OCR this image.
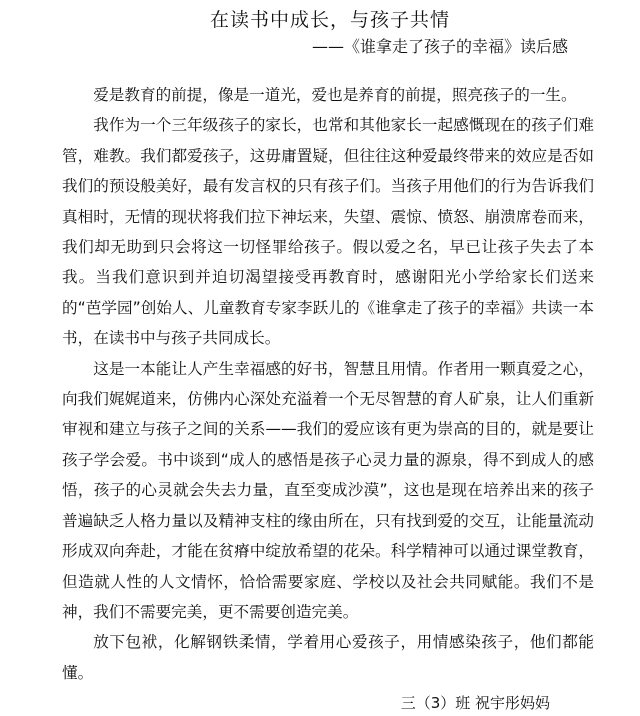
在读书中成长，与孩子共情
——《谁拿走了孩子的幸福》读后感

爱是教育的前提，像是一道光，爱也是养育的前提，照亮孩子的一生。

我作为一个三年级孩子的家长，也常和其他家长一起感慨现在的孩子们难管，难教。我们都爱孩子，这毋庸置疑，但往往这种爱最终带来的效应是否如我们的预设般美好，最有发言权的只有孩子们。当孩子用他们的行为告诉我们真相时，无情的现状将我们拉下神坛来，失望、震惊、愤怒、崩溃席卷而来，我们却无助到只会将这一切怪罪给孩子。假以爱之名，早已让孩子失去了本我。当我们意识到并迫切渴望接受再教育时，感谢阳光小学给家长们送来的“芭学园”创始人、儿童教育专家李跃儿的《谁拿走了孩子的幸福》共读一本书，在读书中与孩子共同成长。

这是一本能让人产生幸福感的好书，智慧且用情。作者用一颗真爱之心，向我们娓娓道来，仿佛内心深处充溢着一个无尽智慧的育人矿泉，让人们重新审视和建立与孩子之间的关系——我们的爱应该有更为崇高的目的，就是要让孩子学会爱。书中谈到“成人的感悟是孩子心灵力量的源泉，得不到成人的感悟，孩子的心灵就会失去力量，直至变成沙漠”，这也是现在培养出来的孩子普遍缺乏人格力量以及精神支柱的缘由所在，只有找到爱的交互，让能量流动形成双向奔赴，才能在贫瘠中绽放希望的花朵。科学精神可以通过课堂教育，但造就人性的人文情怀，恰恰需要家庭、学校以及社会共同赋能。我们不是神，我们不需要完美，更不需要创造完美。

放下包袱，化解钢铁柔情，学着用心爱孩子，用情感染孩子，他们都能懂。

三（3）班 祝宇彤妈妈
